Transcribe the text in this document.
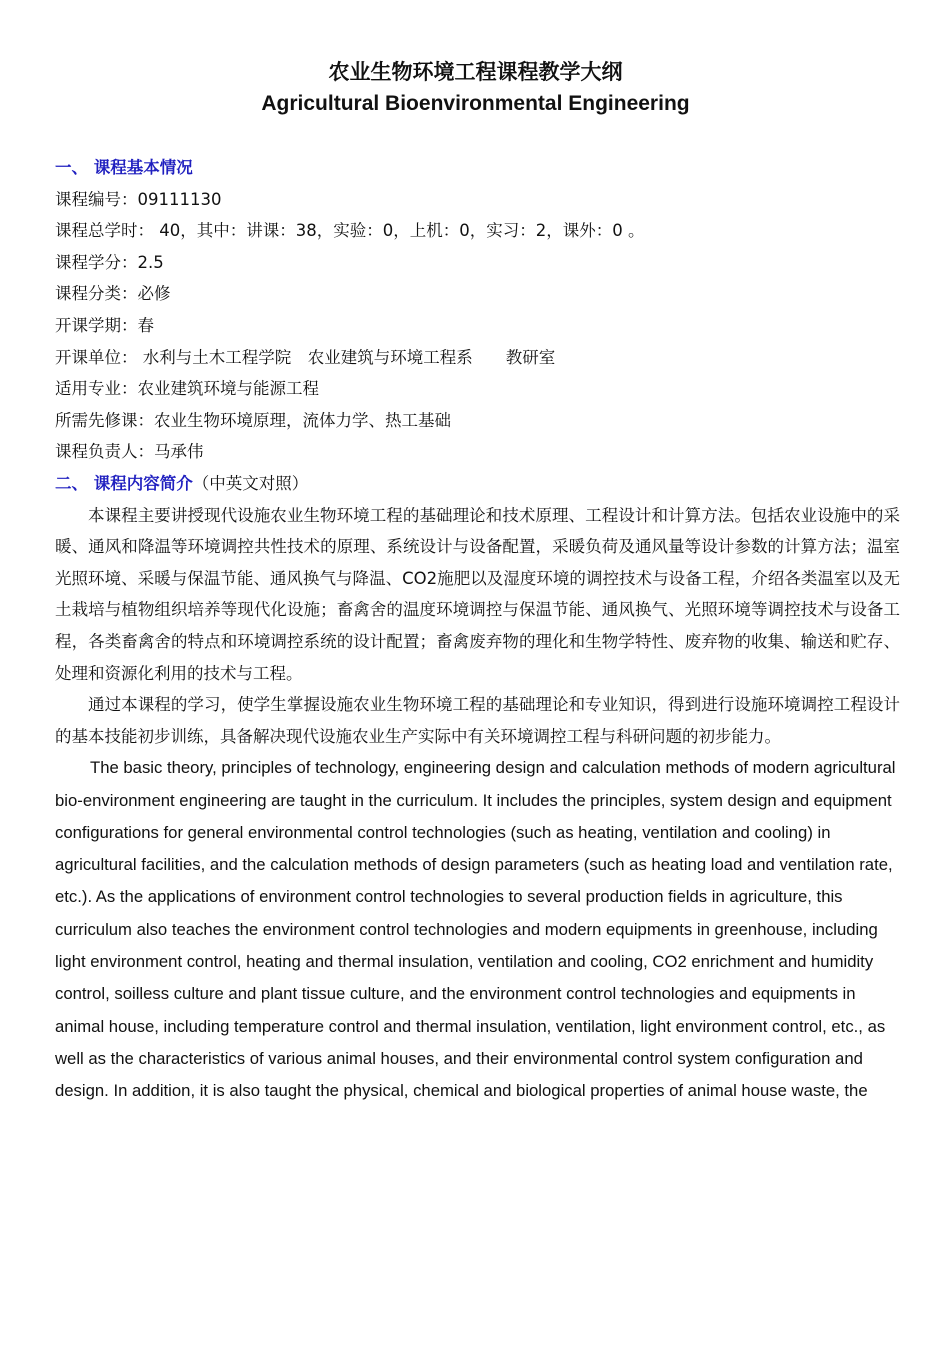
农业生物环境工程课程教学大纲
Agricultural Bioenvironmental Engineering
一、 课程基本情况
课程编号：09111130
课程总学时： 40，其中：讲课：38，实验：0，上机：0，实习：2，课外：0 。
课程学分：2.5
课程分类：必修
开课学期：春
开课单位： 水利与土木工程学院　农业建筑与环境工程系　　教研室
适用专业：农业建筑环境与能源工程
所需先修课：农业生物环境原理，流体力学、热工基础
课程负责人：马承伟
二、 课程内容简介（中英文对照）

本课程主要讲授现代设施农业生物环境工程的基础理论和技术原理、工程设计和计算方法。包括农业设施中的采暖、通风和降温等环境调控共性技术的原理、系统设计与设备配置，采暖负荷及通风量等设计参数的计算方法；温室光照环境、采暖与保温节能、通风换气与降温、CO2施肥以及湿度环境的调控技术与设备工程，介绍各类温室以及无土栽培与植物组织培养等现代化设施；畜禽舍的温度环境调控与保温节能、通风换气、光照环境等调控技术与设备工程，各类畜禽舍的特点和环境调控系统的设计配置；畜禽废弃物的理化和生物学特性、废弃物的收集、输送和贮存、处理和资源化利用的技术与工程。

通过本课程的学习，使学生掌握设施农业生物环境工程的基础理论和专业知识，得到进行设施环境调控工程设计的基本技能初步训练，具备解决现代设施农业生产实际中有关环境调控工程与科研问题的初步能力。

The basic theory, principles of technology, engineering design and calculation methods of modern agricultural bio-environment engineering are taught in the curriculum. It includes the principles, system design and equipment configurations for general environmental control technologies (such as heating, ventilation and cooling) in agricultural facilities, and the calculation methods of design parameters (such as heating load and ventilation rate, etc.). As the applications of environment control technologies to several production fields in agriculture, this curriculum also teaches the environment control technologies and modern equipments in greenhouse, including light environment control, heating and thermal insulation, ventilation and cooling, CO2 enrichment and humidity control, soilless culture and plant tissue culture, and the environment control technologies and equipments in animal house, including temperature control and thermal insulation, ventilation, light environment control, etc., as well as the characteristics of various animal houses, and their environmental control system configuration and design. In addition, it is also taught the physical, chemical and biological properties of animal house waste, the
